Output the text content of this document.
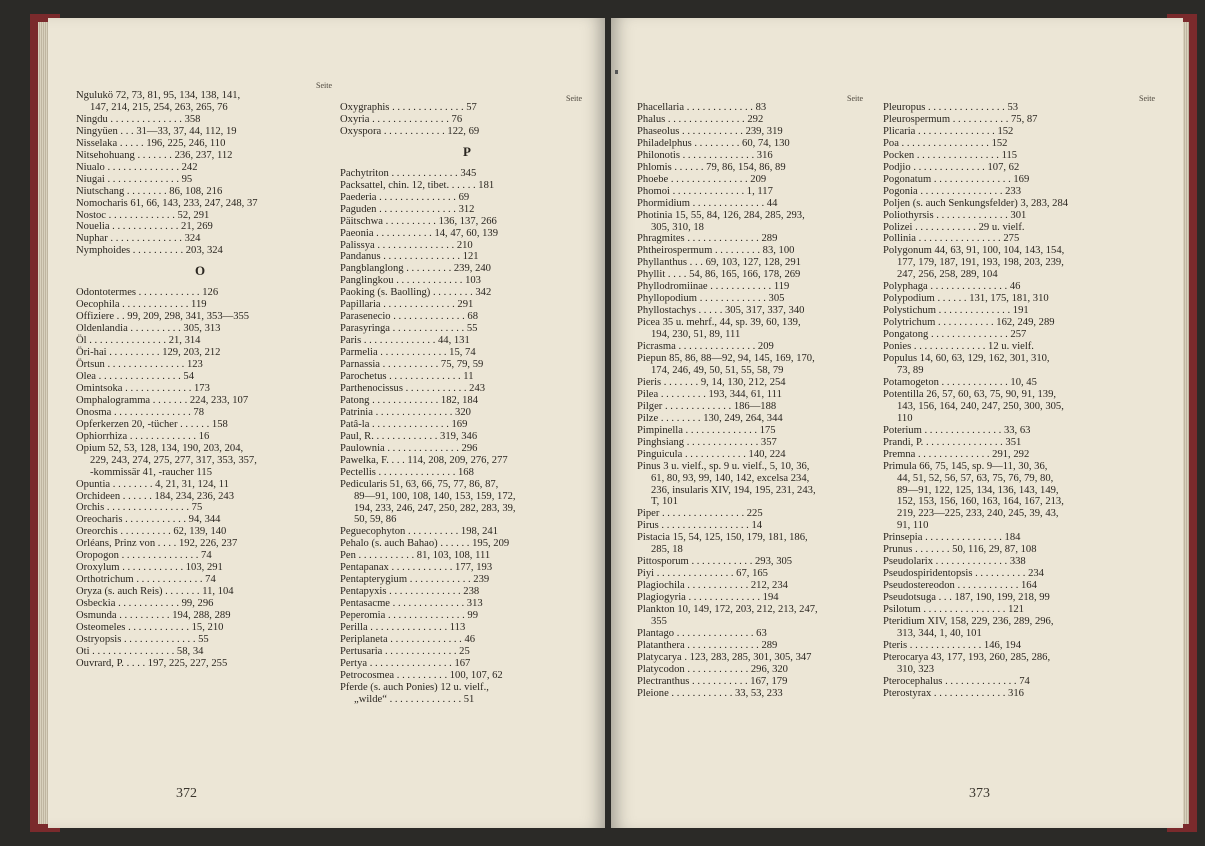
Seite
Ngulukö 72, 73, 81, 95, 134, 138, 141,
147, 214, 215, 254, 263, 265, 76
Ningdu . . . . . . . . . . . . . . 358
Ningyüen . . . 31—33, 37, 44, 112, 19
Nisselaka . . . . . 196, 225, 246, 110
Nitsehohuang . . . . . . . 236, 237, 112
Niualo . . . . . . . . . . . . . . 242
Niugai . . . . . . . . . . . . . . 95
Niutschang . . . . . . . . 86, 108, 216
Nomocharis 61, 66, 143, 233, 247, 248, 37
Nostoc . . . . . . . . . . . . . 52, 291
Nouelia . . . . . . . . . . . . . 21, 269
Nuphar . . . . . . . . . . . . . . 324
Nymphoides . . . . . . . . . . 203, 324
O
Odontotermes . . . . . . . . . . . . 126
Oecophila . . . . . . . . . . . . . 119
Offiziere . . 99, 209, 298, 341, 353—355
Oldenlandia . . . . . . . . . . 305, 313
Öl . . . . . . . . . . . . . . . 21, 314
Öri-hai . . . . . . . . . . 129, 203, 212
Örtsun . . . . . . . . . . . . . . . 123
Olea . . . . . . . . . . . . . . . . 54
Omintsoka . . . . . . . . . . . . . 173
Omphalogramma . . . . . . . 224, 233, 107
Onosma . . . . . . . . . . . . . . . 78
Opferkerzen 20, -tücher . . . . . . 158
Ophiorrhiza . . . . . . . . . . . . . 16
Opium 52, 53, 128, 134, 190, 203, 204,
229, 243, 274, 275, 277, 317, 353, 357,
-kommissär 41, -raucher 115
Opuntia . . . . . . . . 4, 21, 31, 124, 11
Orchideen . . . . . . 184, 234, 236, 243
Orchis . . . . . . . . . . . . . . . . 75
Oreocharis . . . . . . . . . . . . 94, 344
Oreorchis . . . . . . . . . . 62, 139, 140
Orléans, Prinz von . . . . 192, 226, 237
Oropogon . . . . . . . . . . . . . . . 74
Oroxylum . . . . . . . . . . . . 103, 291
Orthotrichum . . . . . . . . . . . . . 74
Oryza (s. auch Reis) . . . . . . . 11, 104
Osbeckia . . . . . . . . . . . . 99, 296
Osmunda . . . . . . . . . . 194, 288, 289
Osteomeles . . . . . . . . . . . . 15, 210
Ostryopsis . . . . . . . . . . . . . . 55
Oti . . . . . . . . . . . . . . . . 58, 34
Ouvrard, P. . . . . 197, 225, 227, 255
Seite
Oxygraphis . . . . . . . . . . . . . . 57
Oxyria . . . . . . . . . . . . . . . 76
Oxyspora . . . . . . . . . . . . 122, 69
P
Pachytriton . . . . . . . . . . . . . 345
Packsattel, chin. 12, tibet. . . . . . 181
Paederia . . . . . . . . . . . . . . . 69
Paguden . . . . . . . . . . . . . . . 312
Päitschwa . . . . . . . . . . 136, 137, 266
Paeonia . . . . . . . . . . . 14, 47, 60, 139
Palissya . . . . . . . . . . . . . . . 210
Pandanus . . . . . . . . . . . . . . . 121
Pangblanglong . . . . . . . . . 239, 240
Panglingkou . . . . . . . . . . . . . 103
Paoking (s. Baolling) . . . . . . . . 342
Papillaria . . . . . . . . . . . . . . 291
Parasenecio . . . . . . . . . . . . . . 68
Parasyringa . . . . . . . . . . . . . . 55
Paris . . . . . . . . . . . . . . 44, 131
Parmelia . . . . . . . . . . . . . 15, 74
Parnassia . . . . . . . . . . . 75, 79, 59
Parochetus . . . . . . . . . . . . . . 11
Parthenocissus . . . . . . . . . . . . 243
Patong . . . . . . . . . . . . . 182, 184
Patrinia . . . . . . . . . . . . . . . 320
Patâ-la . . . . . . . . . . . . . . . 169
Paul, R. . . . . . . . . . . . . 319, 346
Paulownia . . . . . . . . . . . . . . 296
Pawelka, F. . . . 114, 208, 209, 276, 277
Pectellis . . . . . . . . . . . . . . . 168
Pedicularis 51, 63, 66, 75, 77, 86, 87,
89—91, 100, 108, 140, 153, 159, 172,
194, 233, 246, 247, 250, 282, 283, 39,
50, 59, 86
Peguecophyton . . . . . . . . . . 198, 241
Pehalo (s. auch Bahao) . . . . . . 195, 209
Pen . . . . . . . . . . . 81, 103, 108, 111
Pentapanax . . . . . . . . . . . . 177, 193
Pentapterygium . . . . . . . . . . . . 239
Pentapyxis . . . . . . . . . . . . . . 238
Pentasacme . . . . . . . . . . . . . . 313
Peperomia . . . . . . . . . . . . . . . 99
Perilla . . . . . . . . . . . . . . . 113
Periplaneta . . . . . . . . . . . . . . 46
Pertusaria . . . . . . . . . . . . . . 25
Pertya . . . . . . . . . . . . . . . . 167
Petrocosmea . . . . . . . . . . 100, 107, 62
Pferde (s. auch Ponies) 12 u. vielf.,
„wilde“ . . . . . . . . . . . . . . 51
372
Seite
Phacellaria . . . . . . . . . . . . . 83
Phalus . . . . . . . . . . . . . . . 292
Phaseolus . . . . . . . . . . . . 239, 319
Philadelphus . . . . . . . . . 60, 74, 130
Philonotis . . . . . . . . . . . . . . 316
Phlomis . . . . . . 79, 86, 154, 86, 89
Phoebe . . . . . . . . . . . . . . . 209
Phomoi . . . . . . . . . . . . . . 1, 117
Phormidium . . . . . . . . . . . . . . 44
Photinia 15, 55, 84, 126, 284, 285, 293,
305, 310, 18
Phragmites . . . . . . . . . . . . . . 289
Phtheirospermum . . . . . . . . . 83, 100
Phyllanthus . . . 69, 103, 127, 128, 291
Phyllit . . . . 54, 86, 165, 166, 178, 269
Phyllodromiinae . . . . . . . . . . . . 119
Phyllopodium . . . . . . . . . . . . . 305
Phyllostachys . . . . . 305, 317, 337, 340
Picea 35 u. mehrf., 44, sp. 39, 60, 139,
194, 230, 51, 89, 111
Picrasma . . . . . . . . . . . . . . . 209
Piepun 85, 86, 88—92, 94, 145, 169, 170,
174, 246, 49, 50, 51, 55, 58, 79
Pieris . . . . . . . 9, 14, 130, 212, 254
Pilea . . . . . . . . . 193, 344, 61, 111
Pilger . . . . . . . . . . . . . 186—188
Pilze . . . . . . . . 130, 249, 264, 344
Pimpinella . . . . . . . . . . . . . . 175
Pinghsiang . . . . . . . . . . . . . . 357
Pinguicula . . . . . . . . . . . . 140, 224
Pinus 3 u. vielf., sp. 9 u. vielf., 5, 10, 36,
61, 80, 93, 99, 140, 142, excelsa 234,
236, insularis XIV, 194, 195, 231, 243,
T, 101
Piper . . . . . . . . . . . . . . . . 225
Pirus . . . . . . . . . . . . . . . . . 14
Pistacia 15, 54, 125, 150, 179, 181, 186,
285, 18
Pittosporum . . . . . . . . . . . . 293, 305
Piyi . . . . . . . . . . . . . . . 67, 165
Plagiochila . . . . . . . . . . . . 212, 234
Plagiogyria . . . . . . . . . . . . . . 194
Plankton 10, 149, 172, 203, 212, 213, 247,
355
Plantago . . . . . . . . . . . . . . . 63
Platanthera . . . . . . . . . . . . . . 289
Platycarya . 123, 283, 285, 301, 305, 347
Platycodon . . . . . . . . . . . . 296, 320
Plectranthus . . . . . . . . . . . 167, 179
Pleione . . . . . . . . . . . . 33, 53, 233
Seite
Pleuropus . . . . . . . . . . . . . . . 53
Pleurospermum . . . . . . . . . . . 75, 87
Plicaria . . . . . . . . . . . . . . . 152
Poa . . . . . . . . . . . . . . . . . 152
Pocken . . . . . . . . . . . . . . . . 115
Podjio . . . . . . . . . . . . . . 107, 62
Pogonatum . . . . . . . . . . . . . . . 169
Pogonia . . . . . . . . . . . . . . . . 233
Poljen (s. auch Senkungsfelder) 3, 283, 284
Poliothyrsis . . . . . . . . . . . . . . 301
Polizei . . . . . . . . . . . . 29 u. vielf.
Pollinia . . . . . . . . . . . . . . . . 275
Polygonum 44, 63, 91, 100, 104, 143, 154,
177, 179, 187, 191, 193, 198, 203, 239,
247, 256, 258, 289, 104
Polyphaga . . . . . . . . . . . . . . . 46
Polypodium . . . . . . 131, 175, 181, 310
Polystichum . . . . . . . . . . . . . . 191
Polytrichum . . . . . . . . . . . 162, 249, 289
Pongatong . . . . . . . . . . . . . . . 257
Ponies . . . . . . . . . . . . . . 12 u. vielf.
Populus 14, 60, 63, 129, 162, 301, 310,
73, 89
Potamogeton . . . . . . . . . . . . . 10, 45
Potentilla 26, 57, 60, 63, 75, 90, 91, 139,
143, 156, 164, 240, 247, 250, 300, 305,
110
Poterium . . . . . . . . . . . . . . . 33, 63
Prandi, P. . . . . . . . . . . . . . . . 351
Premna . . . . . . . . . . . . . . 291, 292
Primula 66, 75, 145, sp. 9—11, 30, 36,
44, 51, 52, 56, 57, 63, 75, 76, 79, 80,
89—91, 122, 125, 134, 136, 143, 149,
152, 153, 156, 160, 163, 164, 167, 213,
219, 223—225, 233, 240, 245, 39, 43,
91, 110
Prinsepia . . . . . . . . . . . . . . . 184
Prunus . . . . . . . 50, 116, 29, 87, 108
Pseudolarix . . . . . . . . . . . . . . 338
Pseudospiridentopsis . . . . . . . . . . 234
Pseudostereodon . . . . . . . . . . . . 164
Pseudotsuga . . . 187, 190, 199, 218, 99
Psilotum . . . . . . . . . . . . . . . . 121
Pteridium XIV, 158, 229, 236, 289, 296,
313, 344, 1, 40, 101
Pteris . . . . . . . . . . . . . . 146, 194
Pterocarya 43, 177, 193, 260, 285, 286,
310, 323
Pterocephalus . . . . . . . . . . . . . . 74
Pterostyrax . . . . . . . . . . . . . . 316
373
